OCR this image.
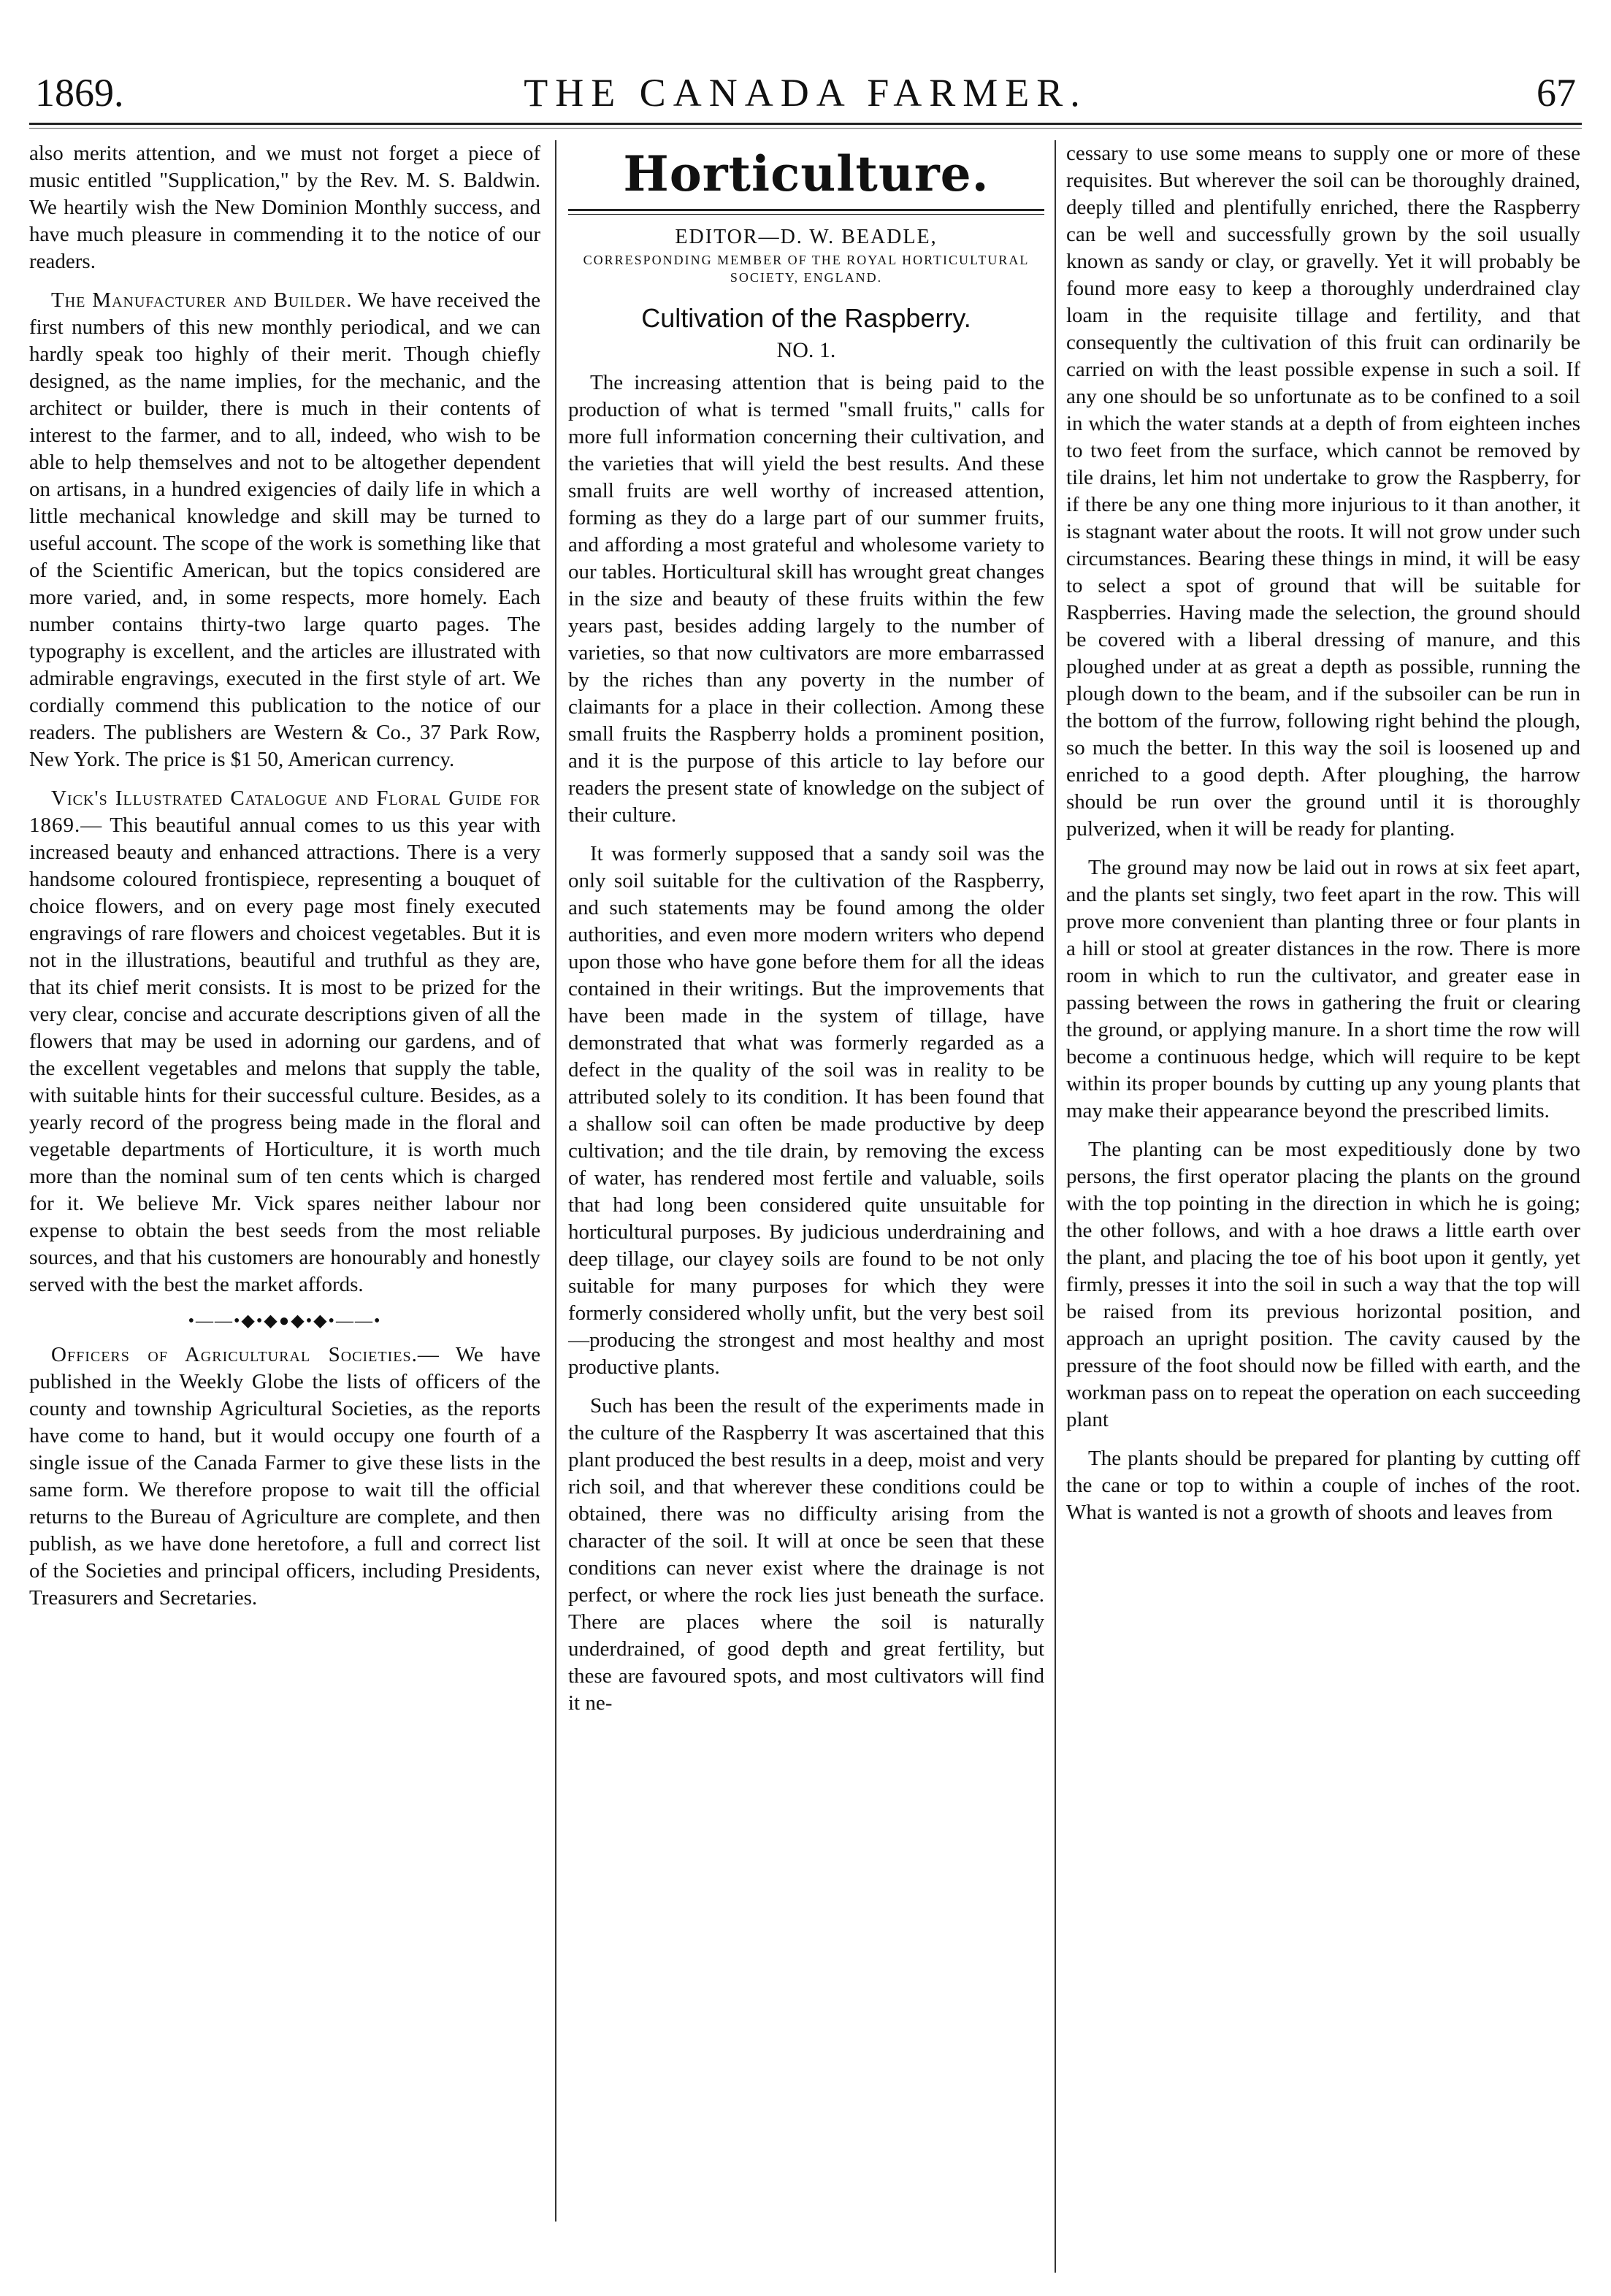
1869.	THE CANADA FARMER.	67

also merits attention, and we must not forget a piece of music entitled "Supplication," by the Rev. M. S. Baldwin. We heartily wish the New Dominion Monthly success, and have much pleasure in commending it to the notice of our readers.

The Manufacturer and Builder. We have received the first numbers of this new monthly periodical, and we can hardly speak too highly of their merit. Though chiefly designed, as the name implies, for the mechanic, and the architect or builder, there is much in their contents of interest to the farmer, and to all, indeed, who wish to be able to help themselves and not to be altogether dependent on artisans, in a hundred exigencies of daily life in which a little mechanical knowledge and skill may be turned to useful account. The scope of the work is something like that of the Scientific American, but the topics considered are more varied, and, in some respects, more homely. Each number contains thirty-two large quarto pages. The typography is excellent, and the articles are illustrated with admirable engravings, executed in the first style of art. We cordially commend this publication to the notice of our readers. The publishers are Western & Co., 37 Park Row, New York. The price is $1 50, American currency.

Vick's Illustrated Catalogue and Floral Guide for 1869.— This beautiful annual comes to us this year with increased beauty and enhanced attractions. There is a very handsome coloured frontispiece, representing a bouquet of choice flowers, and on every page most finely executed engravings of rare flowers and choicest vegetables. But it is not in the illustrations, beautiful and truthful as they are, that its chief merit consists. It is most to be prized for the very clear, concise and accurate descriptions given of all the flowers that may be used in adorning our gardens, and of the excellent vegetables and melons that supply the table, with suitable hints for their successful culture. Besides, as a yearly record of the progress being made in the floral and vegetable departments of Horticulture, it is worth much more than the nominal sum of ten cents which is charged for it. We believe Mr. Vick spares neither labour nor expense to obtain the best seeds from the most reliable sources, and that his customers are honourably and honestly served with the best the market affords.

•——•◆•◆●◆•◆•——•

Officers of Agricultural Societies.— We have published in the Weekly Globe the lists of officers of the county and township Agricultural Societies, as the reports have come to hand, but it would occupy one fourth of a single issue of the Canada Farmer to give these lists in the same form. We therefore propose to wait till the official returns to the Bureau of Agriculture are complete, and then publish, as we have done heretofore, a full and correct list of the Societies and principal officers, including Presidents, Treasurers and Secretaries.

Horticulture.

EDITOR—D. W. BEADLE,

CORRESPONDING MEMBER OF THE ROYAL HORTICULTURAL SOCIETY, ENGLAND.

Cultivation of the Raspberry.
NO. 1.

The increasing attention that is being paid to the production of what is termed "small fruits," calls for more full information concerning their cultivation, and the varieties that will yield the best results. And these small fruits are well worthy of increased attention, forming as they do a large part of our summer fruits, and affording a most grateful and wholesome variety to our tables. Horticultural skill has wrought great changes in the size and beauty of these fruits within the few years past, besides adding largely to the number of varieties, so that now cultivators are more embarrassed by the riches than any poverty in the number of claimants for a place in their collection. Among these small fruits the Raspberry holds a prominent position, and it is the purpose of this article to lay before our readers the present state of knowledge on the subject of their culture.

It was formerly supposed that a sandy soil was the only soil suitable for the cultivation of the Raspberry, and such statements may be found among the older authorities, and even more modern writers who depend upon those who have gone before them for all the ideas contained in their writings. But the improvements that have been made in the system of tillage, have demonstrated that what was formerly regarded as a defect in the quality of the soil was in reality to be attributed solely to its condition. It has been found that a shallow soil can often be made productive by deep cultivation; and the tile drain, by removing the excess of water, has rendered most fertile and valuable, soils that had long been considered quite unsuitable for horticultural purposes. By judicious underdraining and deep tillage, our clayey soils are found to be not only suitable for many purposes for which they were formerly considered wholly unfit, but the very best soil—producing the strongest and most healthy and most productive plants.

Such has been the result of the experiments made in the culture of the Raspberry It was ascertained that this plant produced the best results in a deep, moist and very rich soil, and that wherever these conditions could be obtained, there was no difficulty arising from the character of the soil. It will at once be seen that these conditions can never exist where the drainage is not perfect, or where the rock lies just beneath the surface. There are places where the soil is naturally underdrained, of good depth and great fertility, but these are favoured spots, and most cultivators will find it ne-

cessary to use some means to supply one or more of these requisites. But wherever the soil can be thoroughly drained, deeply tilled and plentifully enriched, there the Raspberry can be well and successfully grown by the soil usually known as sandy or clay, or gravelly. Yet it will probably be found more easy to keep a thoroughly underdrained clay loam in the requisite tillage and fertility, and that consequently the cultivation of this fruit can ordinarily be carried on with the least possible expense in such a soil. If any one should be so unfortunate as to be confined to a soil in which the water stands at a depth of from eighteen inches to two feet from the surface, which cannot be removed by tile drains, let him not undertake to grow the Raspberry, for if there be any one thing more injurious to it than another, it is stagnant water about the roots. It will not grow under such circumstances. Bearing these things in mind, it will be easy to select a spot of ground that will be suitable for Raspberries. Having made the selection, the ground should be covered with a liberal dressing of manure, and this ploughed under at as great a depth as possible, running the plough down to the beam, and if the subsoiler can be run in the bottom of the furrow, following right behind the plough, so much the better. In this way the soil is loosened up and enriched to a good depth. After ploughing, the harrow should be run over the ground until it is thoroughly pulverized, when it will be ready for planting.

The ground may now be laid out in rows at six feet apart, and the plants set singly, two feet apart in the row. This will prove more convenient than planting three or four plants in a hill or stool at greater distances in the row. There is more room in which to run the cultivator, and greater ease in passing between the rows in gathering the fruit or clearing the ground, or applying manure. In a short time the row will become a continuous hedge, which will require to be kept within its proper bounds by cutting up any young plants that may make their appearance beyond the prescribed limits.

The planting can be most expeditiously done by two persons, the first operator placing the plants on the ground with the top pointing in the direction in which he is going; the other follows, and with a hoe draws a little earth over the plant, and placing the toe of his boot upon it gently, yet firmly, presses it into the soil in such a way that the top will be raised from its previous horizontal position, and approach an upright position. The cavity caused by the pressure of the foot should now be filled with earth, and the workman pass on to repeat the operation on each succeeding plant

The plants should be prepared for planting by cutting off the cane or top to within a couple of inches of the root. What is wanted is not a growth of shoots and leaves from
